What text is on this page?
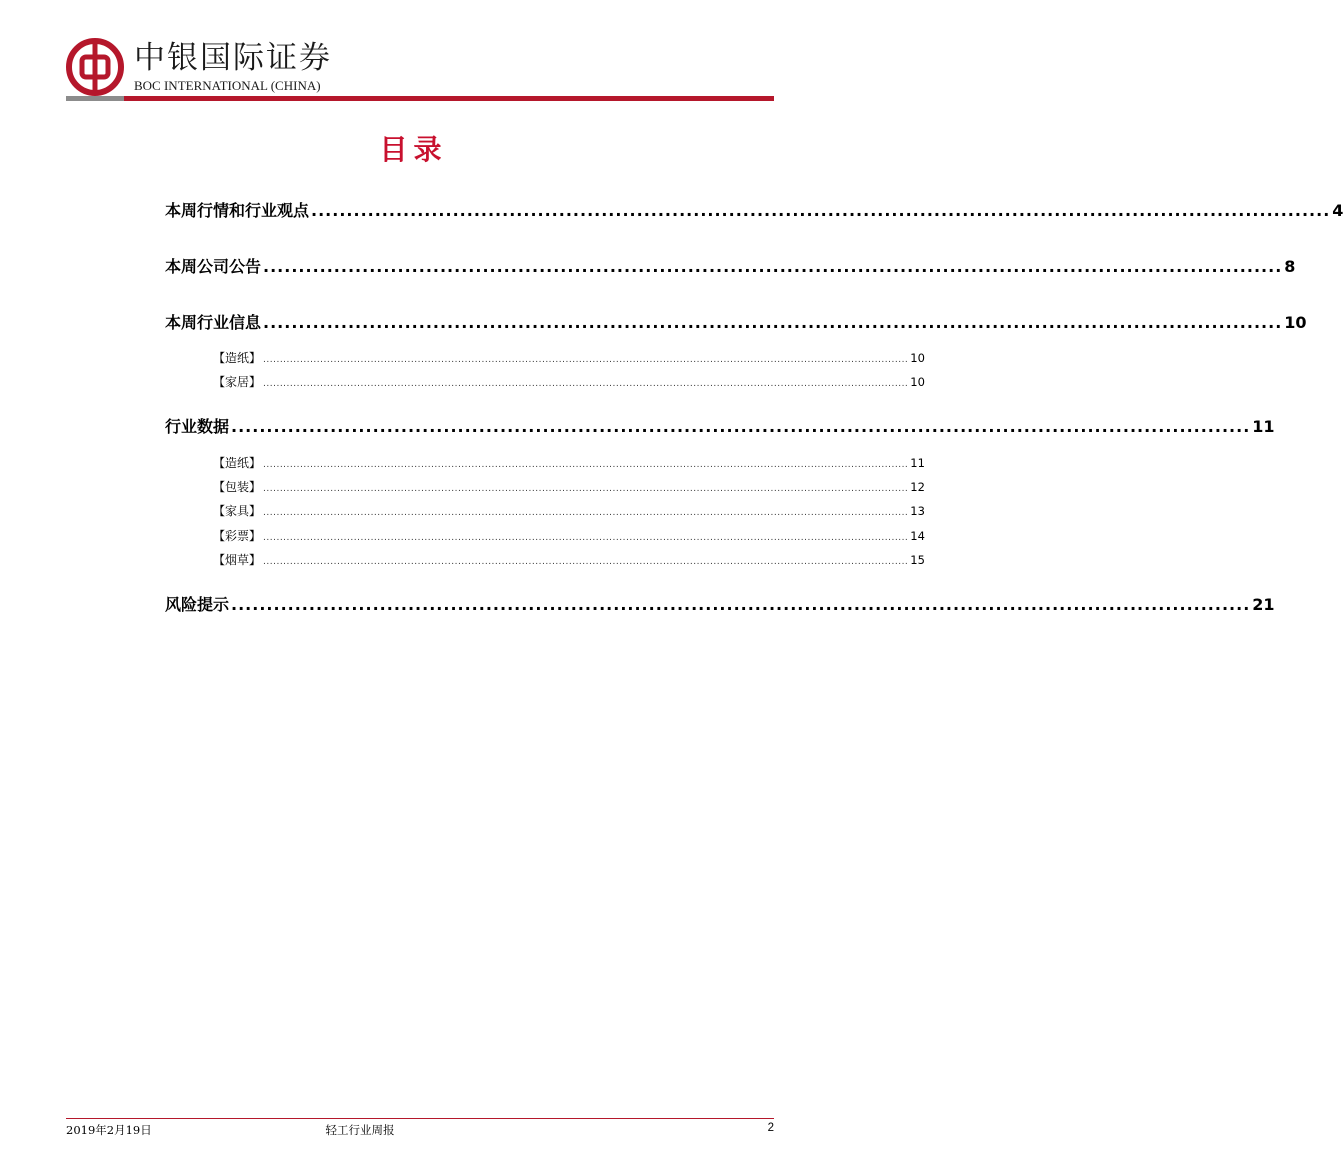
中银国际证券
BOC INTERNATIONAL (CHINA)
目录
本周行情和行业观点 ................................................................................................................................................ 4
本周公司公告 ................................................................................................................................................ 8
本周行业信息 ................................................................................................................................................ 10
【造纸】 ................................................................................................................................................................................................ 10
【家居】 ................................................................................................................................................................................................ 10
行业数据 ................................................................................................................................................ 11
【造纸】 ................................................................................................................................................................................................ 11
【包装】 ................................................................................................................................................................................................ 12
【家具】 ................................................................................................................................................................................................ 13
【彩票】 ................................................................................................................................................................................................ 14
【烟草】 ................................................................................................................................................................................................ 15
风险提示 ................................................................................................................................................ 21
2019年2月19日	轻工行业周报	2
